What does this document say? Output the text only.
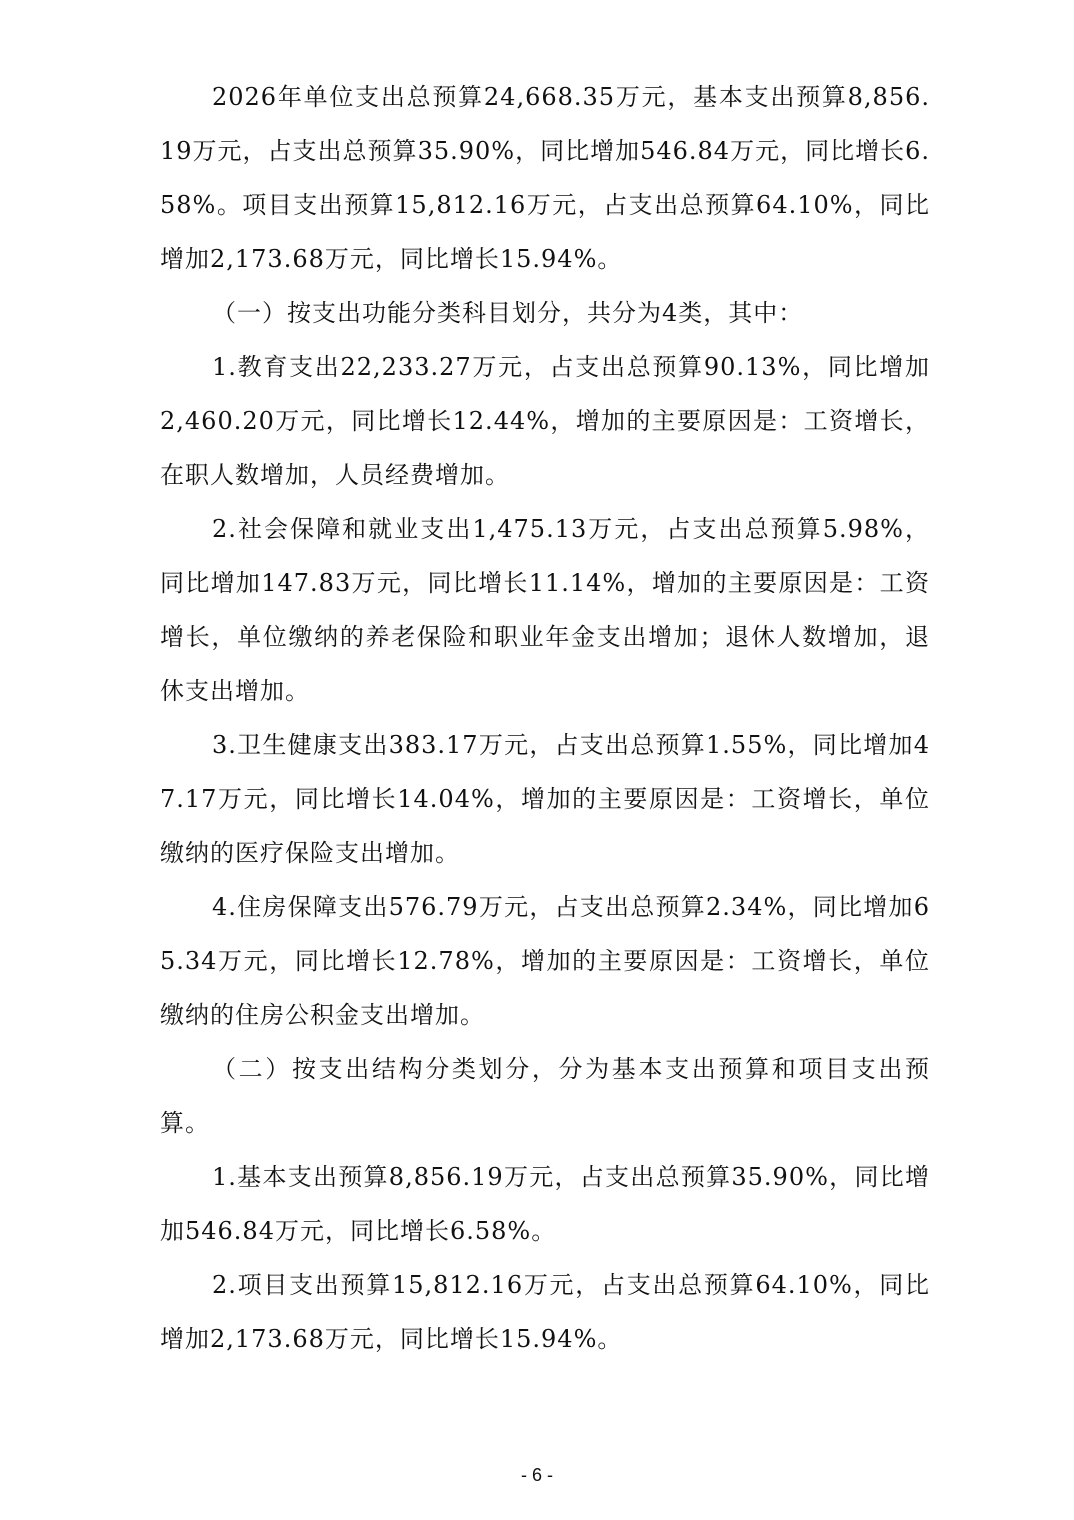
2026年单位支出总预算24,668.35万元，基本支出预算8,856.19万元，占支出总预算35.90%，同比增加546.84万元，同比增长6.58%。项目支出预算15,812.16万元，占支出总预算64.10%，同比增加2,173.68万元，同比增长15.94%。

（一）按支出功能分类科目划分，共分为4类，其中：

1.教育支出22,233.27万元，占支出总预算90.13%，同比增加2,460.20万元，同比增长12.44%，增加的主要原因是：工资增长，在职人数增加，人员经费增加。

2.社会保障和就业支出1,475.13万元，占支出总预算5.98%，同比增加147.83万元，同比增长11.14%，增加的主要原因是：工资增长，单位缴纳的养老保险和职业年金支出增加；退休人数增加，退休支出增加。

3.卫生健康支出383.17万元，占支出总预算1.55%，同比增加47.17万元，同比增长14.04%，增加的主要原因是：工资增长，单位缴纳的医疗保险支出增加。

4.住房保障支出576.79万元，占支出总预算2.34%，同比增加65.34万元，同比增长12.78%，增加的主要原因是：工资增长，单位缴纳的住房公积金支出增加。

（二）按支出结构分类划分，分为基本支出预算和项目支出预算。

1.基本支出预算8,856.19万元，占支出总预算35.90%，同比增加546.84万元，同比增长6.58%。

2.项目支出预算15,812.16万元，占支出总预算64.10%，同比增加2,173.68万元，同比增长15.94%。

- 6 -
